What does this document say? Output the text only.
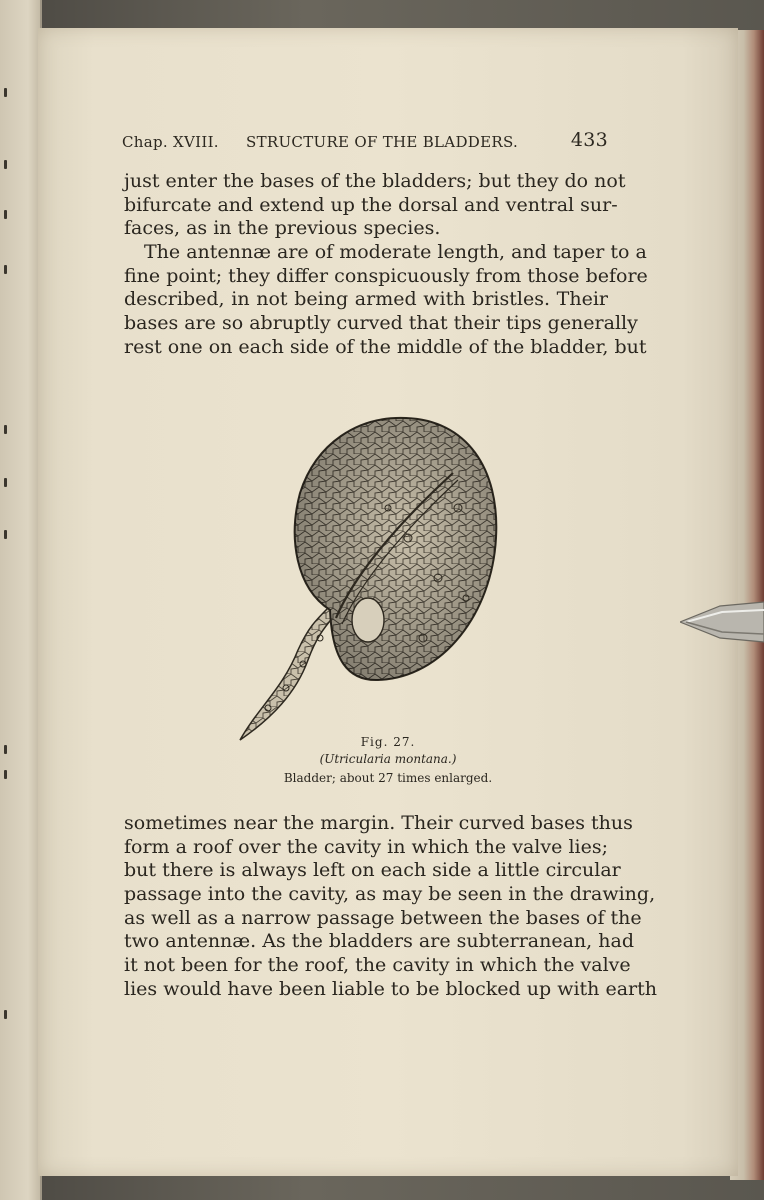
Chap. XVIII. STRUCTURE OF THE BLADDERS.	433
just enter the bases of the bladders; but they do not
bifurcate and extend up the dorsal and ventral sur-
faces, as in the previous species.
The antennæ are of moderate length, and taper to a
fine point; they differ conspicuously from those before
described, in not being armed with bristles. Their
bases are so abruptly curved that their tips generally
rest one on each side of the middle of the bladder, but
Fig. 27.
(Utricularia montana.)
Bladder; about 27 times enlarged.
sometimes near the margin. Their curved bases thus
form a roof over the cavity in which the valve lies;
but there is always left on each side a little circular
passage into the cavity, as may be seen in the drawing,
as well as a narrow passage between the bases of the
two antennæ. As the bladders are subterranean, had
it not been for the roof, the cavity in which the valve
lies would have been liable to be blocked up with earth
